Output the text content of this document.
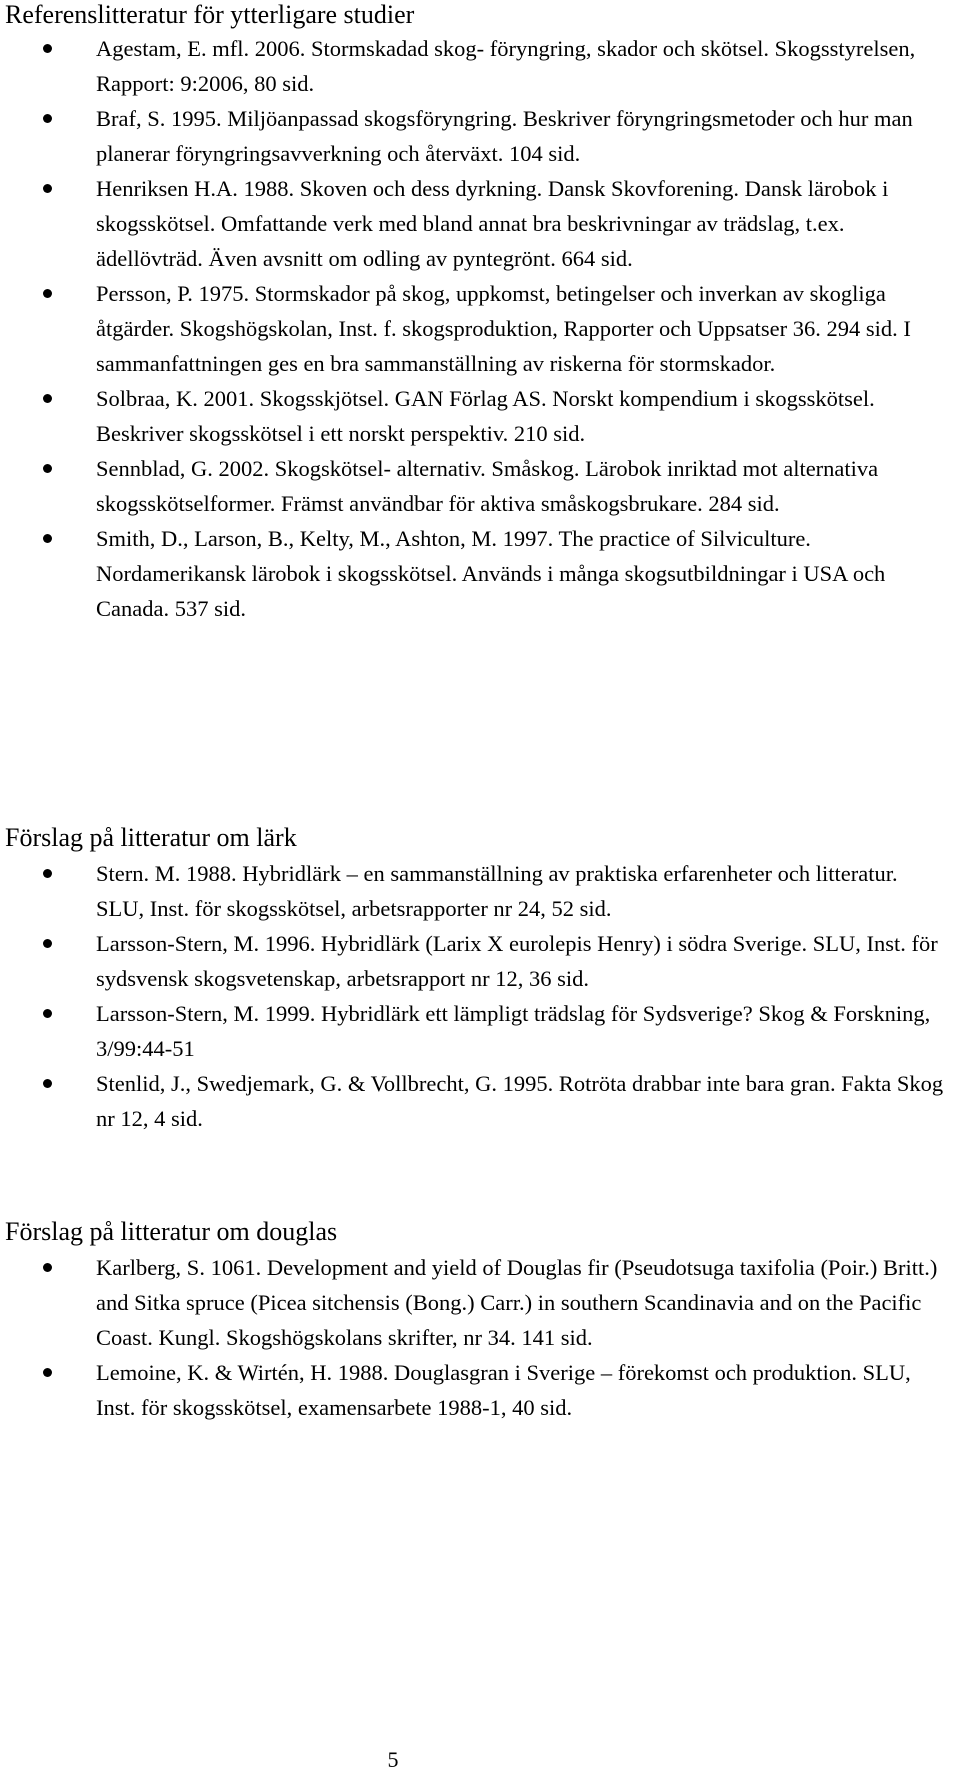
Referenslitteratur för ytterligare studier
Agestam, E. mfl. 2006. Stormskadad skog- föryngring, skador och skötsel. Skogsstyrelsen, Rapport: 9:2006, 80 sid.
Braf, S. 1995. Miljöanpassad skogsföryngring. Beskriver föryngringsmetoder och hur man planerar föryngringsavverkning och återväxt. 104 sid.
Henriksen H.A. 1988. Skoven och dess dyrkning. Dansk Skovforening. Dansk lärobok i skogsskötsel. Omfattande verk med bland annat bra beskrivningar av trädslag, t.ex. ädellövträd. Även avsnitt om odling av pyntegrönt. 664 sid.
Persson, P. 1975. Stormskador på skog, uppkomst, betingelser och inverkan av skogliga åtgärder. Skogshögskolan, Inst. f. skogsproduktion, Rapporter och Uppsatser 36. 294 sid. I sammanfattningen ges en bra sammanställning av riskerna för stormskador.
Solbraa, K. 2001. Skogsskjötsel. GAN Förlag AS. Norskt kompendium i skogsskötsel. Beskriver skogsskötsel i ett norskt perspektiv. 210 sid.
Sennblad, G. 2002. Skogskötsel- alternativ. Småskog. Lärobok inriktad mot alternativa skogsskötselformer. Främst användbar för aktiva småskogsbrukare. 284 sid.
Smith, D., Larson, B., Kelty, M., Ashton, M. 1997. The practice of Silviculture. Nordamerikansk lärobok i skogsskötsel. Används i många skogsutbildningar i USA och Canada. 537 sid.
Förslag på litteratur om lärk
Stern. M. 1988. Hybridlärk – en sammanställning av praktiska erfarenheter och litteratur. SLU, Inst. för skogsskötsel, arbetsrapporter nr 24, 52 sid.
Larsson-Stern, M. 1996. Hybridlärk (Larix X eurolepis Henry) i södra Sverige. SLU, Inst. för sydsvensk skogsvetenskap, arbetsrapport nr 12, 36 sid.
Larsson-Stern, M. 1999. Hybridlärk ett lämpligt trädslag för Sydsverige? Skog & Forskning, 3/99:44-51
Stenlid, J., Swedjemark, G. & Vollbrecht, G. 1995. Rotröta drabbar inte bara gran. Fakta Skog nr 12, 4 sid.
Förslag på litteratur om douglas
Karlberg, S. 1061. Development and yield of Douglas fir (Pseudotsuga taxifolia (Poir.) Britt.) and Sitka spruce (Picea sitchensis (Bong.) Carr.) in southern Scandinavia and on the Pacific Coast. Kungl. Skogshögskolans skrifter, nr 34. 141 sid.
Lemoine, K. & Wirtén, H. 1988. Douglasgran i Sverige – förekomst och produktion. SLU, Inst. för skogsskötsel, examensarbete 1988-1, 40 sid.
5
